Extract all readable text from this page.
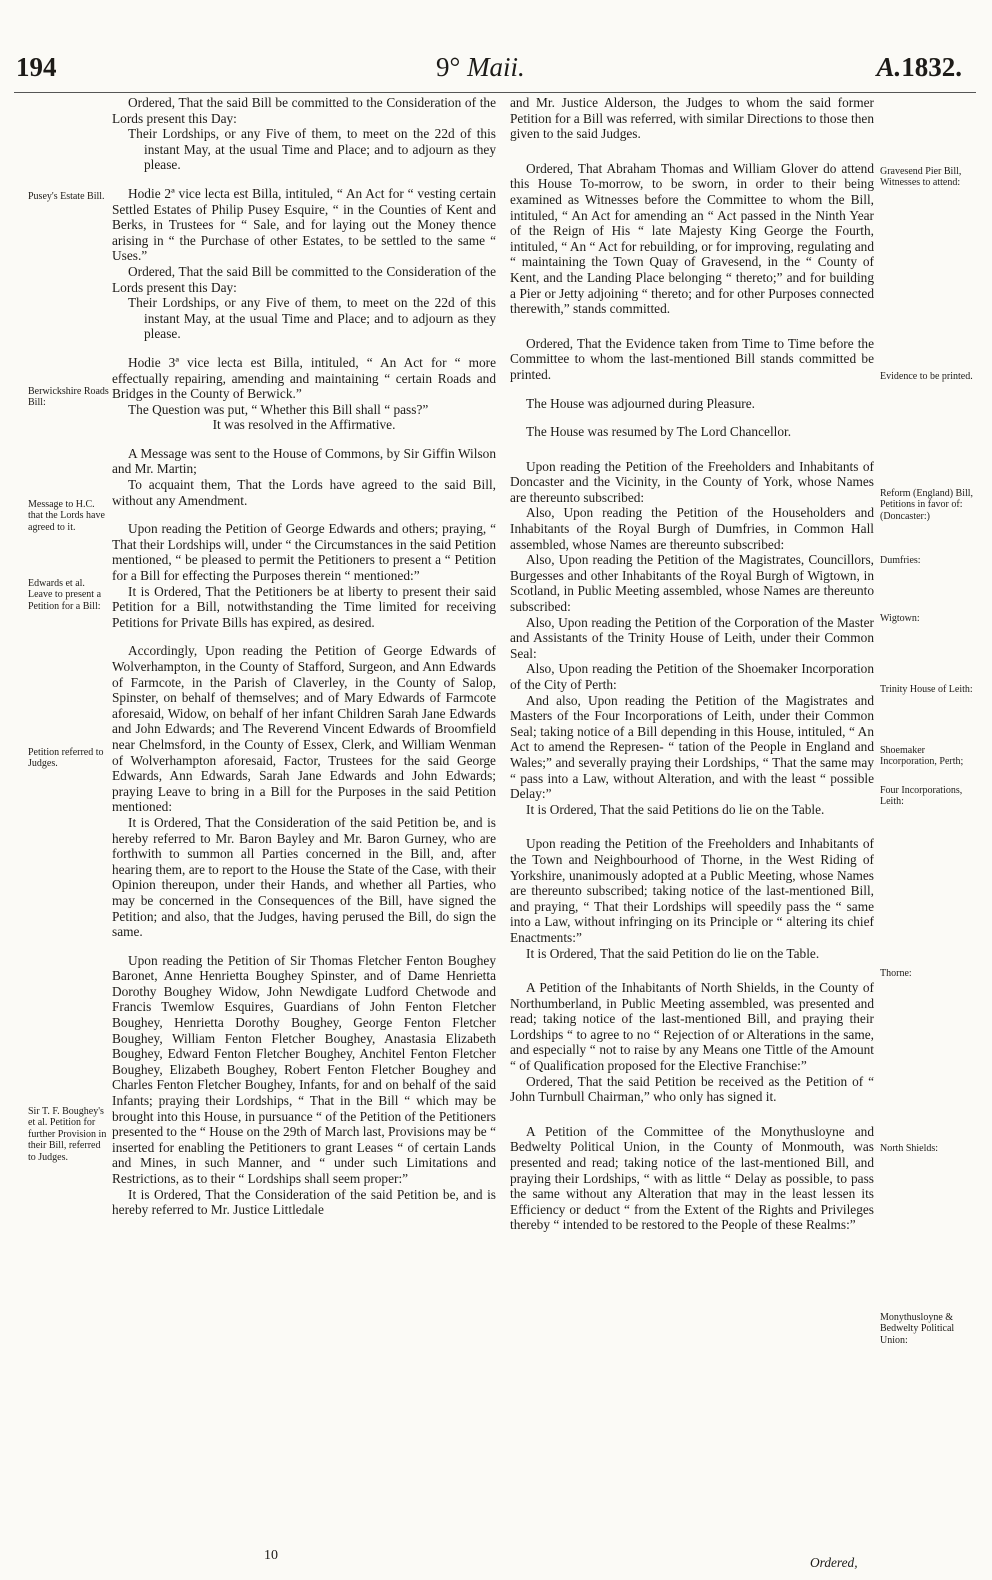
194	9° Maii.	A.1832.
Pusey's Estate Bill.
Berwickshire Roads Bill:
Message to H.C. that the Lords have agreed to it.
Edwards et al. Leave to present a Petition for a Bill:
Petition referred to Judges.
Sir T. F. Boughey's et al. Petition for further Provision in their Bill, referred to Judges.
Gravesend Pier Bill, Witnesses to attend:
Evidence to be printed.
Reform (England) Bill, Petitions in favor of: (Doncaster:)
Dumfries:
Wigtown:
Trinity House of Leith:
Shoemaker Incorporation, Perth;
Four Incorporations, Leith:
Thorne:
North Shields:
Monythusloyne & Bedwelty Political Union:

Ordered, That the said Bill be committed to the Consideration of the Lords present this Day:

Their Lordships, or any Five of them, to meet on the 22d of this instant May, at the usual Time and Place; and to adjourn as they please.

Hodie 2ª vice lecta est Billa, intituled, “ An Act for “ vesting certain Settled Estates of Philip Pusey Esquire, “ in the Counties of Kent and Berks, in Trustees for “ Sale, and for laying out the Money thence arising in “ the Purchase of other Estates, to be settled to the same “ Uses.”

Ordered, That the said Bill be committed to the Consideration of the Lords present this Day:

Their Lordships, or any Five of them, to meet on the 22d of this instant May, at the usual Time and Place; and to adjourn as they please.

Hodie 3ª vice lecta est Billa, intituled, “ An Act for “ more effectually repairing, amending and maintaining “ certain Roads and Bridges in the County of Berwick.”

The Question was put, “ Whether this Bill shall “ pass?”

It was resolved in the Affirmative.

A Message was sent to the House of Commons, by Sir Giffin Wilson and Mr. Martin;

To acquaint them, That the Lords have agreed to the said Bill, without any Amendment.

Upon reading the Petition of George Edwards and others; praying, “ That their Lordships will, under “ the Circumstances in the said Petition mentioned, “ be pleased to permit the Petitioners to present a “ Petition for a Bill for effecting the Purposes therein “ mentioned:”

It is Ordered, That the Petitioners be at liberty to present their said Petition for a Bill, notwithstanding the Time limited for receiving Petitions for Private Bills has expired, as desired.

Accordingly, Upon reading the Petition of George Edwards of Wolverhampton, in the County of Stafford, Surgeon, and Ann Edwards of Farmcote, in the Parish of Claverley, in the County of Salop, Spinster, on behalf of themselves; and of Mary Edwards of Farmcote aforesaid, Widow, on behalf of her infant Children Sarah Jane Edwards and John Edwards; and The Reverend Vincent Edwards of Broomfield near Chelmsford, in the County of Essex, Clerk, and William Wenman of Wolverhampton aforesaid, Factor, Trustees for the said George Edwards, Ann Edwards, Sarah Jane Edwards and John Edwards; praying Leave to bring in a Bill for the Purposes in the said Petition mentioned:

It is Ordered, That the Consideration of the said Petition be, and is hereby referred to Mr. Baron Bayley and Mr. Baron Gurney, who are forthwith to summon all Parties concerned in the Bill, and, after hearing them, are to report to the House the State of the Case, with their Opinion thereupon, under their Hands, and whether all Parties, who may be concerned in the Consequences of the Bill, have signed the Petition; and also, that the Judges, having perused the Bill, do sign the same.

Upon reading the Petition of Sir Thomas Fletcher Fenton Boughey Baronet, Anne Henrietta Boughey Spinster, and of Dame Henrietta Dorothy Boughey Widow, John Newdigate Ludford Chetwode and Francis Twemlow Esquires, Guardians of John Fenton Fletcher Boughey, Henrietta Dorothy Boughey, George Fenton Fletcher Boughey, William Fenton Fletcher Boughey, Anastasia Elizabeth Boughey, Edward Fenton Fletcher Boughey, Anchitel Fenton Fletcher Boughey, Elizabeth Boughey, Robert Fenton Fletcher Boughey and Charles Fenton Fletcher Boughey, Infants, for and on behalf of the said Infants; praying their Lordships, “ That in the Bill “ which may be brought into this House, in pursuance “ of the Petition of the Petitioners presented to the “ House on the 29th of March last, Provisions may be “ inserted for enabling the Petitioners to grant Leases “ of certain Lands and Mines, in such Manner, and “ under such Limitations and Restrictions, as to their “ Lordships shall seem proper:”

It is Ordered, That the Consideration of the said Petition be, and is hereby referred to Mr. Justice Littledale

and Mr. Justice Alderson, the Judges to whom the said former Petition for a Bill was referred, with similar Directions to those then given to the said Judges.

Ordered, That Abraham Thomas and William Glover do attend this House To-morrow, to be sworn, in order to their being examined as Witnesses before the Committee to whom the Bill, intituled, “ An Act for amending an “ Act passed in the Ninth Year of the Reign of His “ late Majesty King George the Fourth, intituled, “ An “ Act for rebuilding, or for improving, regulating and “ maintaining the Town Quay of Gravesend, in the “ County of Kent, and the Landing Place belonging “ thereto;” and for building a Pier or Jetty adjoining “ thereto; and for other Purposes connected therewith,” stands committed.

Ordered, That the Evidence taken from Time to Time before the Committee to whom the last-mentioned Bill stands committed be printed.

The House was adjourned during Pleasure.

The House was resumed by The Lord Chancellor.

Upon reading the Petition of the Freeholders and Inhabitants of Doncaster and the Vicinity, in the County of York, whose Names are thereunto subscribed:

Also, Upon reading the Petition of the Householders and Inhabitants of the Royal Burgh of Dumfries, in Common Hall assembled, whose Names are thereunto subscribed:

Also, Upon reading the Petition of the Magistrates, Councillors, Burgesses and other Inhabitants of the Royal Burgh of Wigtown, in Scotland, in Public Meeting assembled, whose Names are thereunto subscribed:

Also, Upon reading the Petition of the Corporation of the Master and Assistants of the Trinity House of Leith, under their Common Seal:

Also, Upon reading the Petition of the Shoemaker Incorporation of the City of Perth:

And also, Upon reading the Petition of the Magistrates and Masters of the Four Incorporations of Leith, under their Common Seal; taking notice of a Bill depending in this House, intituled, “ An Act to amend the Represen- “ tation of the People in England and Wales;” and severally praying their Lordships, “ That the same may “ pass into a Law, without Alteration, and with the least “ possible Delay:”

It is Ordered, That the said Petitions do lie on the Table.

Upon reading the Petition of the Freeholders and Inhabitants of the Town and Neighbourhood of Thorne, in the West Riding of Yorkshire, unanimously adopted at a Public Meeting, whose Names are thereunto subscribed; taking notice of the last-mentioned Bill, and praying, “ That their Lordships will speedily pass the “ same into a Law, without infringing on its Principle or “ altering its chief Enactments:”

It is Ordered, That the said Petition do lie on the Table.

A Petition of the Inhabitants of North Shields, in the County of Northumberland, in Public Meeting assembled, was presented and read; taking notice of the last-mentioned Bill, and praying their Lordships “ to agree to no “ Rejection of or Alterations in the same, and especially “ not to raise by any Means one Tittle of the Amount “ of Qualification proposed for the Elective Franchise:”

Ordered, That the said Petition be received as the Petition of “ John Turnbull Chairman,” who only has signed it.

A Petition of the Committee of the Monythusloyne and Bedwelty Political Union, in the County of Monmouth, was presented and read; taking notice of the last-mentioned Bill, and praying their Lordships, “ with as little “ Delay as possible, to pass the same without any Alteration that may in the least lessen its Efficiency or deduct “ from the Extent of the Rights and Privileges thereby “ intended to be restored to the People of these Realms:”

10	Ordered,
